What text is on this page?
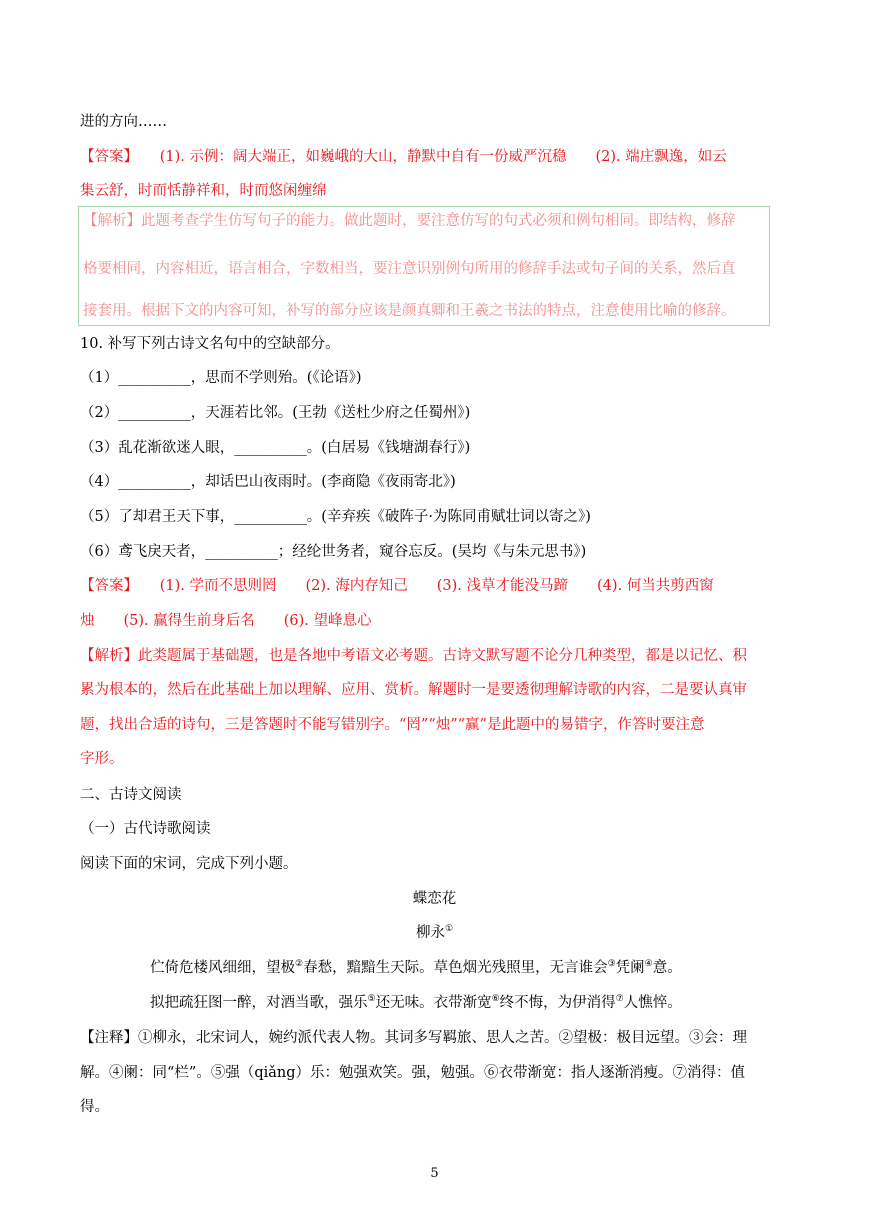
进的方向……
【答案】　　(1). 示例：阔大端正，如巍峨的大山，静默中自有一份威严沉稳　　(2). 端庄飘逸，如云
集云舒，时而恬静祥和，时而悠闲缠绵
【解析】此题考查学生仿写句子的能力。做此题时，要注意仿写的句式必须和例句相同。即结构，修辞
格要相同，内容相近，语言相合，字数相当，要注意识别例句所用的修辞手法或句子间的关系，然后直
接套用。根据下文的内容可知，补写的部分应该是颜真卿和王羲之书法的特点，注意使用比喻的修辞。
10. 补写下列古诗文名句中的空缺部分。
（1）__________，思而不学则殆。(《论语》)
（2）__________，天涯若比邻。(王勃《送杜少府之任蜀州》)
（3）乱花渐欲迷人眼，__________。(白居易《钱塘湖春行》)
（4）__________，却话巴山夜雨时。(李商隐《夜雨寄北》)
（5）了却君王天下事，__________。(辛弃疾《破阵子·为陈同甫赋壮词以寄之》)
（6）鸢飞戾天者，__________；经纶世务者，窥谷忘反。(吴均《与朱元思书》)
【答案】　　(1). 学而不思则罔　　(2). 海内存知己　　(3). 浅草才能没马蹄　　(4). 何当共剪西窗
烛　　(5). 赢得生前身后名　　(6). 望峰息心
【解析】此类题属于基础题，也是各地中考语文必考题。古诗文默写题不论分几种类型，都是以记忆、积
累为根本的，然后在此基础上加以理解、应用、赏析。解题时一是要透彻理解诗歌的内容，二是要认真审
题，找出合适的诗句，三是答题时不能写错别字。“罔”“烛”“赢”是此题中的易错字，作答时要注意
字形。
二、古诗文阅读
（一）古代诗歌阅读
阅读下面的宋词，完成下列小题。
蝶恋花
柳永①
伫倚危楼风细细，望极②春愁，黯黯生天际。草色烟光残照里，无言谁会③凭阑④意。
拟把疏狂图一醉，对酒当歌，强乐⑤还无味。衣带渐宽⑥终不悔，为伊消得⑦人憔悴。
【注释】①柳永，北宋词人，婉约派代表人物。其词多写羁旅、思人之苦。②望极：极目远望。③会：理
解。④阑：同“栏”。⑤强（qiǎng）乐：勉强欢笑。强，勉强。⑥衣带渐宽：指人逐渐消瘦。⑦消得：值
得。
5
